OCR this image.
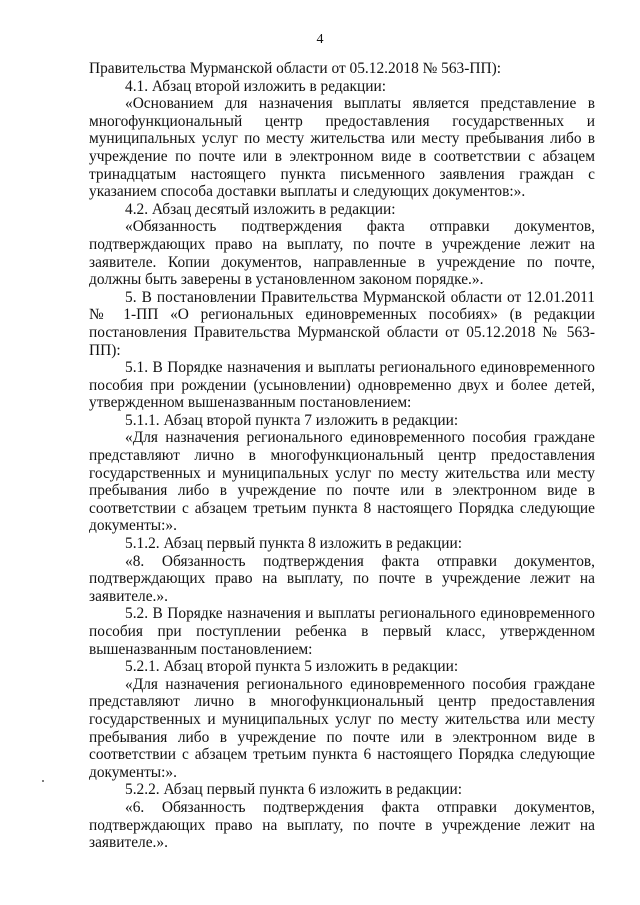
4

Правительства Мурманской области от 05.12.2018 № 563-ПП):

4.1. Абзац второй изложить в редакции:

«Основанием для назначения выплаты является представление в многофункциональный центр предоставления государственных и муниципальных услуг по месту жительства или месту пребывания либо в учреждение по почте или в электронном виде в соответствии с абзацем тринадцатым настоящего пункта письменного заявления граждан с указанием способа доставки выплаты и следующих документов:».

4.2. Абзац десятый изложить в редакции:

«Обязанность подтверждения факта отправки документов, подтверждающих право на выплату, по почте в учреждение лежит на заявителе. Копии документов, направленные в учреждение по почте, должны быть заверены в установленном законом порядке.».

5. В постановлении Правительства Мурманской области от 12.01.2011 № 1-ПП «О региональных единовременных пособиях» (в редакции постановления Правительства Мурманской области от 05.12.2018 № 563-ПП):

5.1. В Порядке назначения и выплаты регионального единовременного пособия при рождении (усыновлении) одновременно двух и более детей, утвержденном вышеназванным постановлением:

5.1.1. Абзац второй пункта 7 изложить в редакции:

«Для назначения регионального единовременного пособия граждане представляют лично в многофункциональный центр предоставления государственных и муниципальных услуг по месту жительства или месту пребывания либо в учреждение по почте или в электронном виде в соответствии с абзацем третьим пункта 8 настоящего Порядка следующие документы:».

5.1.2. Абзац первый пункта 8 изложить в редакции:

«8. Обязанность подтверждения факта отправки документов, подтверждающих право на выплату, по почте в учреждение лежит на заявителе.».

5.2. В Порядке назначения и выплаты регионального единовременного пособия при поступлении ребенка в первый класс, утвержденном вышеназванным постановлением:

5.2.1. Абзац второй пункта 5 изложить в редакции:

«Для назначения регионального единовременного пособия граждане представляют лично в многофункциональный центр предоставления государственных и муниципальных услуг по месту жительства или месту пребывания либо в учреждение по почте или в электронном виде в соответствии с абзацем третьим пункта 6 настоящего Порядка следующие документы:».

5.2.2. Абзац первый пункта 6 изложить в редакции:

«6. Обязанность подтверждения факта отправки документов, подтверждающих право на выплату, по почте в учреждение лежит на заявителе.».
